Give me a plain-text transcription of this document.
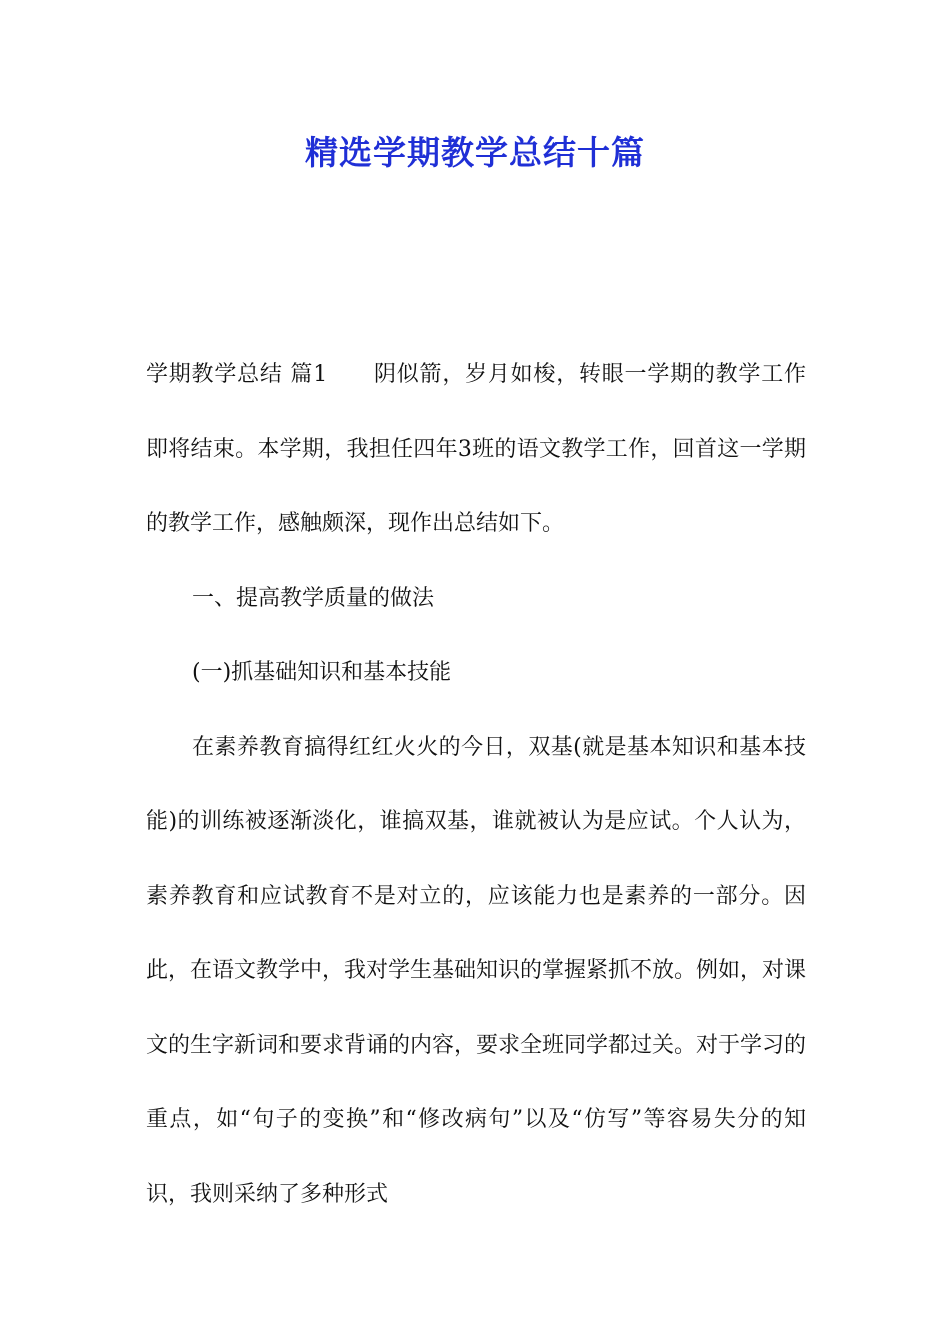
精选学期教学总结十篇

学期教学总结 篇1 阴似箭，岁月如梭，转眼一学期的教学工作即将结束。本学期，我担任四年3班的语文教学工作，回首这一学期的教学工作，感触颇深，现作出总结如下。

一、提高教学质量的做法

(一)抓基础知识和基本技能

在素养教育搞得红红火火的今日，双基(就是基本知识和基本技能)的训练被逐渐淡化，谁搞双基，谁就被认为是应试。个人认为，素养教育和应试教育不是对立的，应该能力也是素养的一部分。因此，在语文教学中，我对学生基础知识的掌握紧抓不放。例如，对课文的生字新词和要求背诵的内容，要求全班同学都过关。对于学习的重点，如“句子的变换”和“修改病句”以及“仿写”等容易失分的知识，我则采纳了多种形式
